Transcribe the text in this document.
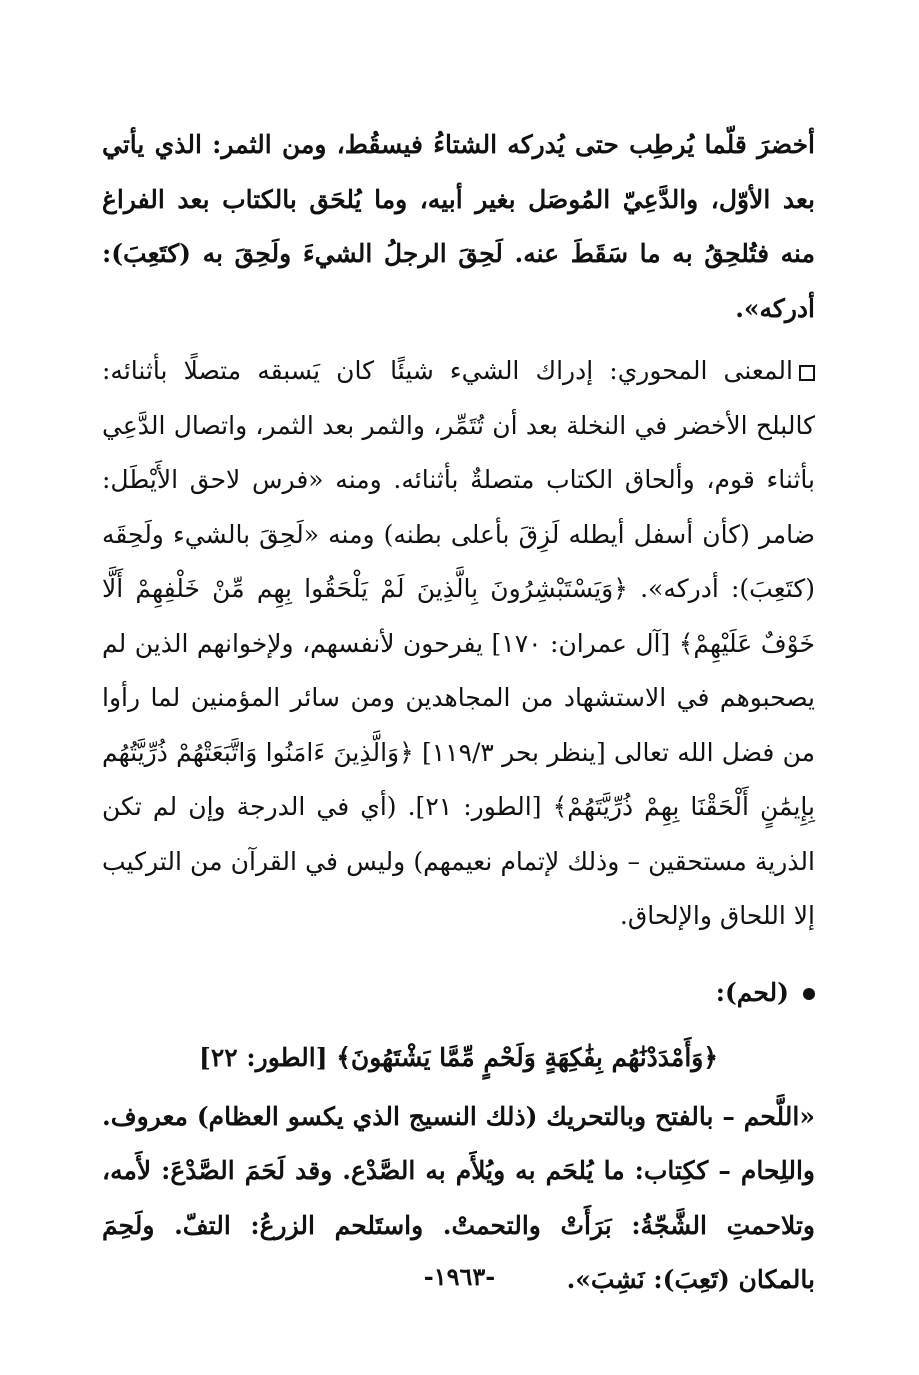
أخضرَ قلّما يُرطِب حتى يُدركه الشتاءُ فيسقُط، ومن الثمر: الذي يأتي بعد الأوّل، والدَّعِيّ المُوصَل بغير أبيه، وما يُلحَق بالكتاب بعد الفراغ منه فتُلحِقُ به ما سَقَطَ عنه. لَحِقَ الرجلُ الشيءَ ولَحِقَ به (كتَعِبَ): أدركه».

المعنى المحوري: إدراك الشيء شيئًا كان يَسبقه متصلًا بأثنائه: كالبلح الأخضر في النخلة بعد أن تُتَمِّر، والثمر بعد الثمر، واتصال الدَّعِي بأثناء قوم، وألحاق الكتاب متصلةٌ بأثنائه. ومنه «فرس لاحق الأَيْطَل: ضامر (كأن أسفل أيطله لَزِقَ بأعلى بطنه) ومنه «لَحِقَ بالشيء ولَحِقَه (كتَعِبَ): أدركه». ﴿وَيَسْتَبْشِرُونَ بِالَّذِينَ لَمْ يَلْحَقُوا بِهِم مِّنْ خَلْفِهِمْ أَلَّا خَوْفٌ عَلَيْهِمْ﴾ [آل عمران: ١٧٠] يفرحون لأنفسهم، ولإخوانهم الذين لم يصحبوهم في الاستشهاد من المجاهدين ومن سائر المؤمنين لما رأوا من فضل الله تعالى [ينظر بحر ١١٩/٣] ﴿وَالَّذِينَ ءَامَنُوا وَاتَّبَعَتْهُمْ ذُرِّيَّتُهُم بِإِيمَٰنٍ أَلْحَقْنَا بِهِمْ ذُرِّيَّتَهُمْ﴾ [الطور: ٢١]. (أي في الدرجة وإن لم تكن الذرية مستحقين – وذلك لإتمام نعيمهم) وليس في القرآن من التركيب إلا اللحاق والإلحاق.

(لحم):

﴿وَأَمْدَدْنَٰهُم بِفَٰكِهَةٍ وَلَحْمٍ مِّمَّا يَشْتَهُونَ﴾ [الطور: ٢٢]

«اللَّحم – بالفتح وبالتحريك (ذلك النسيج الذي يكسو العظام) معروف. واللِحام – ككِتاب: ما يُلحَم به ويُلأَم به الصَّدْع. وقد لَحَمَ الصَّدْعَ: لأَمه، وتلاحمتِ الشَّجّةُ: بَرَأَتْ والتحمتْ. واستَلحم الزرعُ: التفّ. ولَحِمَ بالمكان (تَعِبَ): نَشِبَ».

-١٩٦٣-
